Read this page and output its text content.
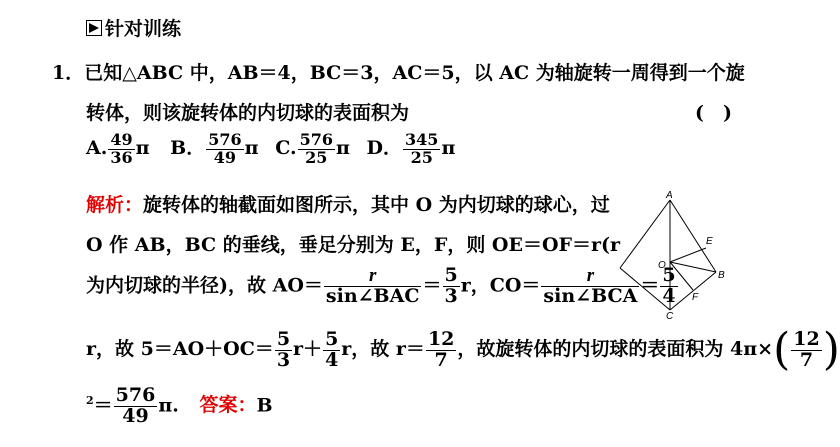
针对训练
1．已知△ABC 中，AB＝4，BC＝3，AC＝5，以 AC 为轴旋转一周得到一个旋
转体，则该旋转体的内切球的表面积为	(　)
A. $\frac{49}{36}$ π B． $\frac{576}{49}$ π C. $\frac{576}{25}$ π D． $\frac{345}{25}$ π
解析：旋转体的轴截面如图所示，其中 O 为内切球的球心，过
O 作 AB，BC 的垂线，垂足分别为 E，F，则 OE＝OF＝r(r
为内切球的半径)，故 $AO= \frac{r}{\text{sin∠BAC}} = \frac{5}{3}$ r，$CO= \frac{r}{\text{sin∠BCA}} = \frac{5}{4}$
r，故 $5=AO+OC= \frac{5}{3} r+ \frac{5}{4}$ r，故 $r= \frac{12}{7}$ ，故旋转体的内切球的表面积为 $4\pi\times( \frac{12}{7}$ )
$^2= \frac{576}{49} \pi$. 答案：B
A
E
O
B
F
C
